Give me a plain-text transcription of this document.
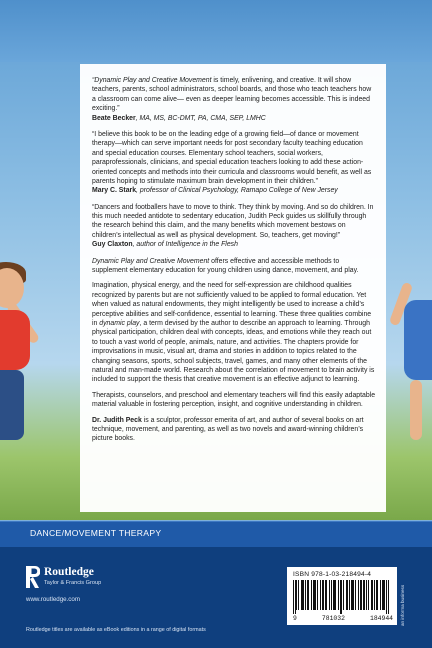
“Dynamic Play and Creative Movement is timely, enlivening, and creative. It will show teachers, parents, school administrators, school boards, and those who teach teachers how a classroom can come alive— even as deeper learning becomes accessible. This is indeed exciting.”

Beate Becker, MA, MS, BC-DMT, PA, CMA, SEP, LMHC

“I believe this book to be on the leading edge of a growing field—of dance or movement therapy—which can serve important needs for post secondary faculty teaching education and special education courses. Elementary school teachers, social workers, paraprofessionals, clinicians, and special education teachers looking to add these action-oriented concepts and methods into their curricula and classrooms would benefit, as well as parents hoping to stimulate maximum brain development in their children.”

Mary C. Stark, professor of Clinical Psychology, Ramapo College of New Jersey

“Dancers and footballers have to move to think. They think by moving. And so do children. In this much needed antidote to sedentary education, Judith Peck guides us skillfully through the research behind this claim, and the many benefits which movement bestows on children’s intellectual as well as physical development. So, teachers, get moving!”

Guy Claxton, author of Intelligence in the Flesh

Dynamic Play and Creative Movement offers effective and accessible methods to supplement elementary education for young children using dance, movement, and play.

Imagination, physical energy, and the need for self-expression are childhood qualities recognized by parents but are not sufficiently valued to be applied to formal education. Yet when valued as natural endowments, they might intelligently be used to increase a child’s perceptive abilities and self-confidence, essential to learning. These three qualities combine in dynamic play, a term devised by the author to describe an approach to learning. Through physical participation, children deal with concepts, ideas, and emotions while they reach out to touch a vast world of people, animals, nature, and activities. The chapters provide for improvisations in music, visual art, drama and stories in addition to topics related to the changing seasons, sports, school subjects, travel, games, and many other elements of the natural and man-made world. Research about the correlation of movement to brain activity is included to support the thesis that creative movement is an effective adjunct to learning.

Therapists, counselors, and preschool and elementary teachers will find this easily adaptable material valuable in fostering perception, insight, and cognitive understanding in children.

Dr. Judith Peck is a sculptor, professor emerita of art, and author of several books on art technique, movement, and parenting, as well as two novels and award-winning children’s picture books.

DANCE/MOVEMENT THERAPY
Routledge
Taylor & Francis Group
www.routledge.com
Routledge titles are available as eBook editions in a range of digital formats
ISBN 978-1-03-218494-4
9	781032	184944 an informa business
